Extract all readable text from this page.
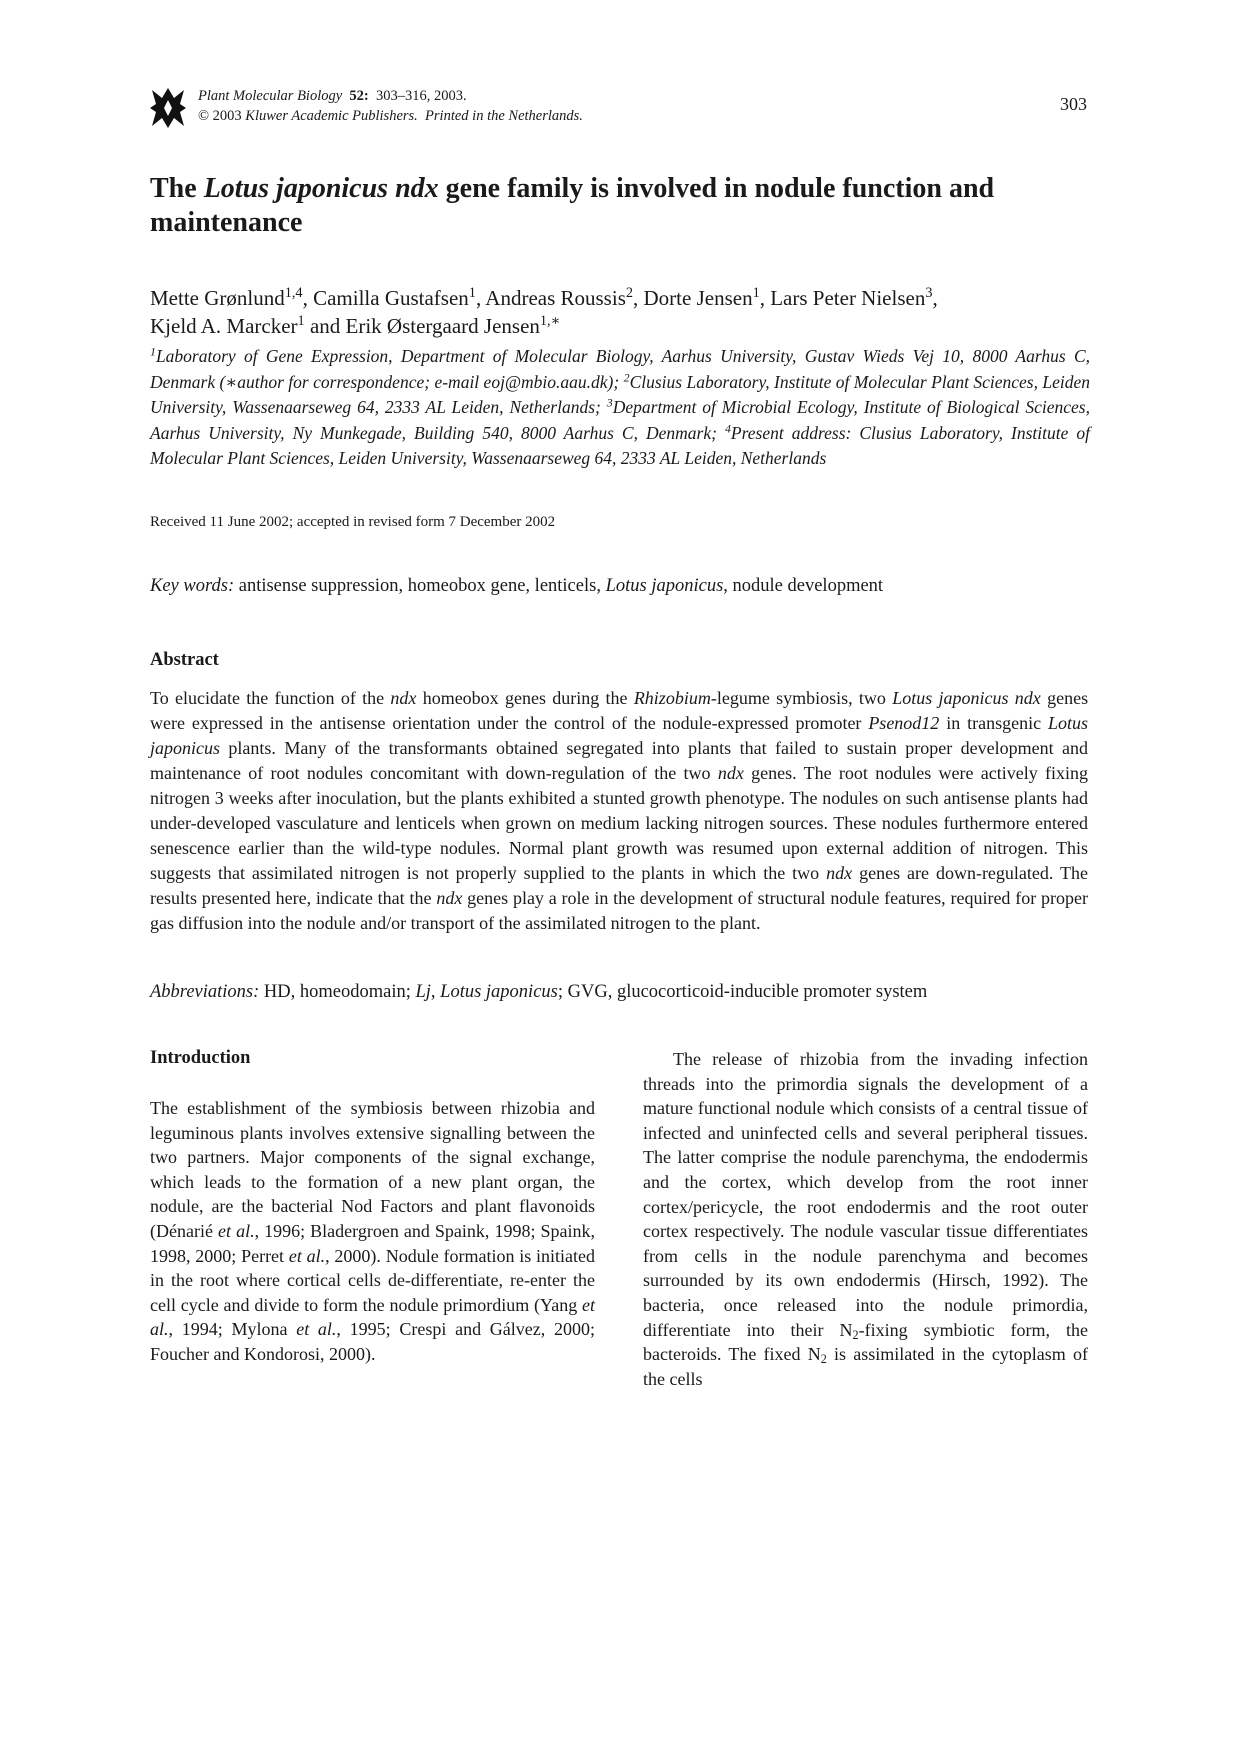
Plant Molecular Biology 52: 303–316, 2003.
© 2003 Kluwer Academic Publishers. Printed in the Netherlands.
303
The Lotus japonicus ndx gene family is involved in nodule function and maintenance
Mette Grønlund$^{1,4}$, Camilla Gustafsen$^1$, Andreas Roussis$^2$, Dorte Jensen$^1$, Lars Peter Nielsen$^3$,
Kjeld A. Marcker$^1$ and Erik Østergaard Jensen$^{1,∗}$
$^1$Laboratory of Gene Expression, Department of Molecular Biology, Aarhus University, Gustav Wieds Vej 10, 8000 Aarhus C, Denmark (∗author for correspondence; e-mail eoj@mbio.aau.dk); $^2$Clusius Laboratory, Institute of Molecular Plant Sciences, Leiden University, Wassenaarseweg 64, 2333 AL Leiden, Netherlands; $^3$Department of Microbial Ecology, Institute of Biological Sciences, Aarhus University, Ny Munkegade, Building 540, 8000 Aarhus C, Denmark; $^4$Present address: Clusius Laboratory, Institute of Molecular Plant Sciences, Leiden University, Wassenaarseweg 64, 2333 AL Leiden, Netherlands
Received 11 June 2002; accepted in revised form 7 December 2002
Key words: antisense suppression, homeobox gene, lenticels, Lotus japonicus, nodule development
Abstract
To elucidate the function of the ndx homeobox genes during the Rhizobium-legume symbiosis, two Lotus japonicus ndx genes were expressed in the antisense orientation under the control of the nodule-expressed promoter Psenod12 in transgenic Lotus japonicus plants. Many of the transformants obtained segregated into plants that failed to sustain proper development and maintenance of root nodules concomitant with down-regulation of the two ndx genes. The root nodules were actively fixing nitrogen 3 weeks after inoculation, but the plants exhibited a stunted growth phenotype. The nodules on such antisense plants had under-developed vasculature and lenticels when grown on medium lacking nitrogen sources. These nodules furthermore entered senescence earlier than the wild-type nodules. Normal plant growth was resumed upon external addition of nitrogen. This suggests that assimilated nitrogen is not properly supplied to the plants in which the two ndx genes are down-regulated. The results presented here, indicate that the ndx genes play a role in the development of structural nodule features, required for proper gas diffusion into the nodule and/or transport of the assimilated nitrogen to the plant.
Abbreviations: HD, homeodomain; Lj, Lotus japonicus; GVG, glucocorticoid-inducible promoter system
Introduction
The establishment of the symbiosis between rhizobia and leguminous plants involves extensive signalling between the two partners. Major components of the signal exchange, which leads to the formation of a new plant organ, the nodule, are the bacterial Nod Factors and plant flavonoids (Dénarié et al., 1996; Bladergroen and Spaink, 1998; Spaink, 1998, 2000; Perret et al., 2000). Nodule formation is initiated in the root where cortical cells de-differentiate, re-enter the cell cycle and divide to form the nodule primordium (Yang et al., 1994; Mylona et al., 1995; Crespi and Gálvez, 2000; Foucher and Kondorosi, 2000).
The release of rhizobia from the invading infection threads into the primordia signals the development of a mature functional nodule which consists of a central tissue of infected and uninfected cells and several peripheral tissues. The latter comprise the nodule parenchyma, the endodermis and the cortex, which develop from the root inner cortex/pericycle, the root endodermis and the root outer cortex respectively. The nodule vascular tissue differentiates from cells in the nodule parenchyma and becomes surrounded by its own endodermis (Hirsch, 1992). The bacteria, once released into the nodule primordia, differentiate into their $N_2$-fixing symbiotic form, the bacteroids. The fixed $N_2$ is assimilated in the cytoplasm of the cells
